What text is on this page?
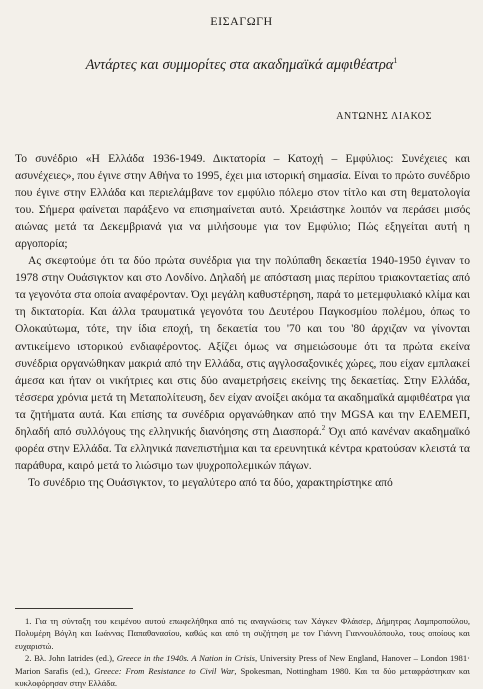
ΕΙΣΑΓΩΓΗ
Αντάρτες και συμμορίτες στα ακαδημαϊκά αμφιθέατρα$^1$
ΑΝΤΩΝΗΣ ΛΙΑΚΟΣ

Το συνέδριο «Η Ελλάδα 1936-1949. Δικτατορία – Κατοχή – Εμφύλιος: Συνέχειες και ασυνέχειες», που έγινε στην Αθήνα το 1995, έχει μια ιστορική σημασία. Είναι το πρώτο συνέδριο που έγινε στην Ελλάδα και περιελάμβανε τον εμφύλιο πόλεμο στον τίτλο και στη θεματολογία του. Σήμερα φαίνεται παράξενο να επισημαίνεται αυτό. Χρειάστηκε λοιπόν να περάσει μισός αιώνας μετά τα Δεκεμβριανά για να μιλήσουμε για τον Εμφύλιο; Πώς εξηγείται αυτή η αργοπορία;

Ας σκεφτούμε ότι τα δύο πρώτα συνέδρια για την πολύπαθη δεκαετία 1940-1950 έγιναν το 1978 στην Ουάσιγκτον και στο Λονδίνο. Δηλαδή με απόσταση μιας περίπου τριακονταετίας από τα γεγονότα στα οποία αναφέρονταν. Όχι μεγάλη καθυστέρηση, παρά το μετεμφυλιακό κλίμα και τη δικτατορία. Και άλλα τραυματικά γεγονότα του Δευτέρου Παγκοσμίου πολέμου, όπως το Ολοκαύτωμα, τότε, την ίδια εποχή, τη δεκαετία του '70 και του '80 άρχιζαν να γίνονται αντικείμενο ιστορικού ενδιαφέροντος. Αξίζει όμως να σημειώσουμε ότι τα πρώτα εκείνα συνέδρια οργανώθηκαν μακριά από την Ελλάδα, στις αγγλοσαξονικές χώρες, που είχαν εμπλακεί άμεσα και ήταν οι νικήτριες και στις δύο αναμετρήσεις εκείνης της δεκαετίας. Στην Ελλάδα, τέσσερα χρόνια μετά τη Μεταπολίτευση, δεν είχαν ανοίξει ακόμα τα ακαδημαϊκά αμφιθέατρα για τα ζητήματα αυτά. Και επίσης τα συνέδρια οργανώθηκαν από την MGSA και την ΕΛΕΜΕΠ, δηλαδή από συλλόγους της ελληνικής διανόησης στη Διασπορά.$^2$ Όχι από κανέναν ακαδημαϊκό φορέα στην Ελλάδα. Τα ελληνικά πανεπιστήμια και τα ερευνητικά κέντρα κρατούσαν κλειστά τα παράθυρα, καιρό μετά το λιώσιμο των ψυχροπολεμικών πάγων.

Το συνέδριο της Ουάσιγκτον, το μεγαλύτερο από τα δύο, χαρακτηρίστηκε από

1. Για τη σύνταξη του κειμένου αυτού επωφελήθηκα από τις αναγνώσεις των Χάγκεν Φλάισερ, Δήμητρας Λαμπροπούλου, Πολυμέρη Βόγλη και Ιωάννας Παπαθανασίου, καθώς και από τη συζήτηση με τον Γιάννη Γιαννουλόπουλο, τους οποίους και ευχαριστώ.

2. Βλ. John Iatrides (ed.), Greece in the 1940s. A Nation in Crisis, University Press of New England, Hanover – London 1981· Marion Sarafis (ed.), Greece: From Resistance to Civil War, Spokesman, Nottingham 1980. Και τα δύο μεταφράστηκαν και κυκλοφόρησαν στην Ελλάδα.
